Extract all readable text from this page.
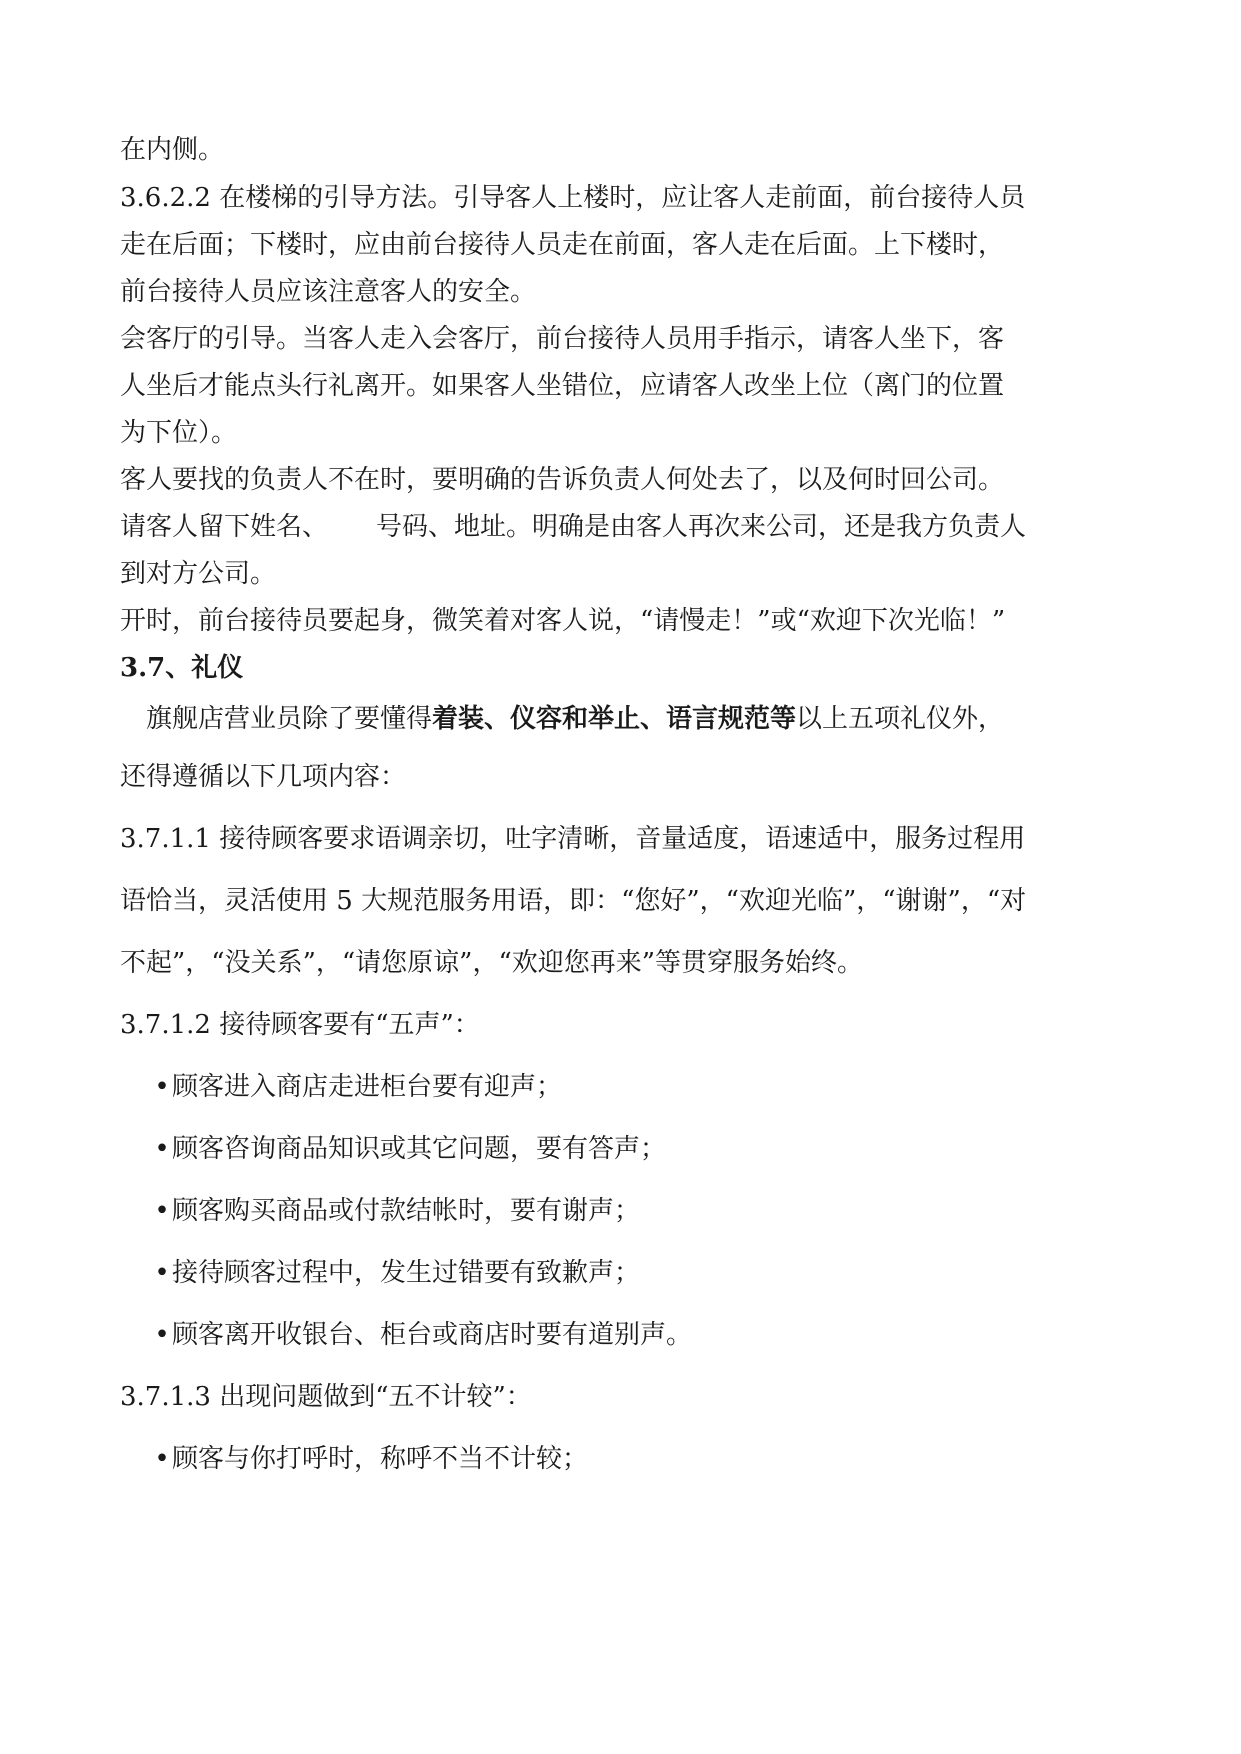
在内侧。
3.6.2.2 在楼梯的引导方法。引导客人上楼时，应让客人走前面，前台接待人员
走在后面；下楼时，应由前台接待人员走在前面，客人走在后面。上下楼时，
前台接待人员应该注意客人的安全。
会客厅的引导。当客人走入会客厅，前台接待人员用手指示，请客人坐下，客
人坐后才能点头行礼离开。如果客人坐错位，应请客人改坐上位（离门的位置
为下位）。
客人要找的负责人不在时，要明确的告诉负责人何处去了，以及何时回公司。
请客人留下姓名、 号码、地址。明确是由客人再次来公司，还是我方负责人
到对方公司。
开时，前台接待员要起身，微笑着对客人说，“请慢走！”或“欢迎下次光临！”
3.7、礼仪
旗舰店营业员除了要懂得着装、仪容和举止、语言规范等以上五项礼仪外，
还得遵循以下几项内容：
3.7.1.1 接待顾客要求语调亲切，吐字清晰，音量适度，语速适中，服务过程用
语恰当，灵活使用 5 大规范服务用语，即：“您好”，“欢迎光临”，“谢谢”，“对
不起”，“没关系”，“请您原谅”，“欢迎您再来”等贯穿服务始终。
3.7.1.2 接待顾客要有“五声”：
•顾客进入商店走进柜台要有迎声；
•顾客咨询商品知识或其它问题，要有答声；
•顾客购买商品或付款结帐时，要有谢声；
•接待顾客过程中，发生过错要有致歉声；
•顾客离开收银台、柜台或商店时要有道别声。
3.7.1.3 出现问题做到“五不计较”：
•顾客与你打呼时，称呼不当不计较；
